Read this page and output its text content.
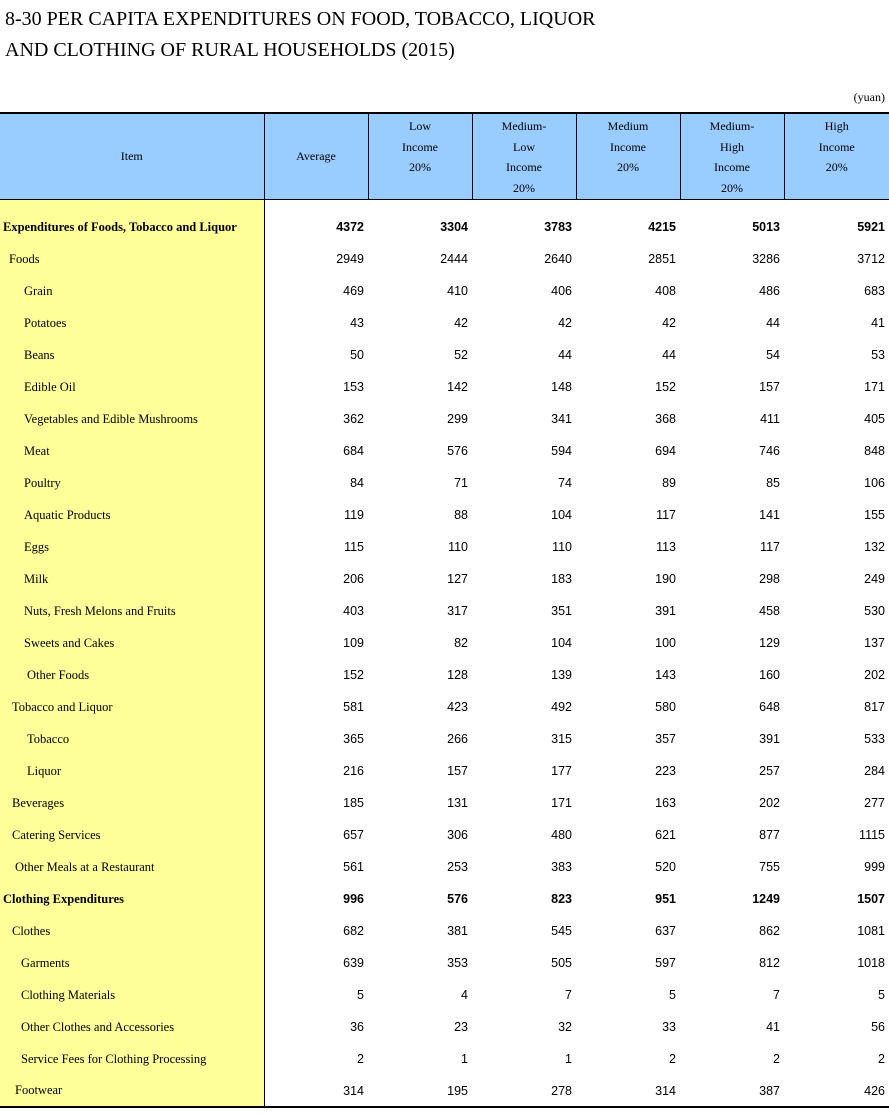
8-30 PER CAPITA EXPENDITURES ON FOOD, TOBACCO, LIQUOR
AND CLOTHING OF RURAL HOUSEHOLDS (2015)
(yuan)
Item	Average	Low
Income
20%	Medium-
Low
Income
20%	Medium
Income
20%	Medium-
High
Income
20%	High
Income
20%

Expenditures of Foods, Tobacco and Liquor	4372	3304	3783	4215	5013	5921
Foods	2949	2444	2640	2851	3286	3712
Grain	469	410	406	408	486	683
Potatoes	43	42	42	42	44	41
Beans	50	52	44	44	54	53
Edible Oil	153	142	148	152	157	171
Vegetables and Edible Mushrooms	362	299	341	368	411	405
Meat	684	576	594	694	746	848
Poultry	84	71	74	89	85	106
Aquatic Products	119	88	104	117	141	155
Eggs	115	110	110	113	117	132
Milk	206	127	183	190	298	249
Nuts, Fresh Melons and Fruits	403	317	351	391	458	530
Sweets and Cakes	109	82	104	100	129	137
Other Foods	152	128	139	143	160	202
Tobacco and Liquor	581	423	492	580	648	817
Tobacco	365	266	315	357	391	533
Liquor	216	157	177	223	257	284
Beverages	185	131	171	163	202	277
Catering Services	657	306	480	621	877	1115
Other Meals at a Restaurant	561	253	383	520	755	999
Clothing Expenditures	996	576	823	951	1249	1507
Clothes	682	381	545	637	862	1081
Garments	639	353	505	597	812	1018
Clothing Materials	5	4	7	5	7	5
Other Clothes and Accessories	36	23	32	33	41	56
Service Fees for Clothing Processing	2	1	1	2	2	2
Footwear	314	195	278	314	387	426
